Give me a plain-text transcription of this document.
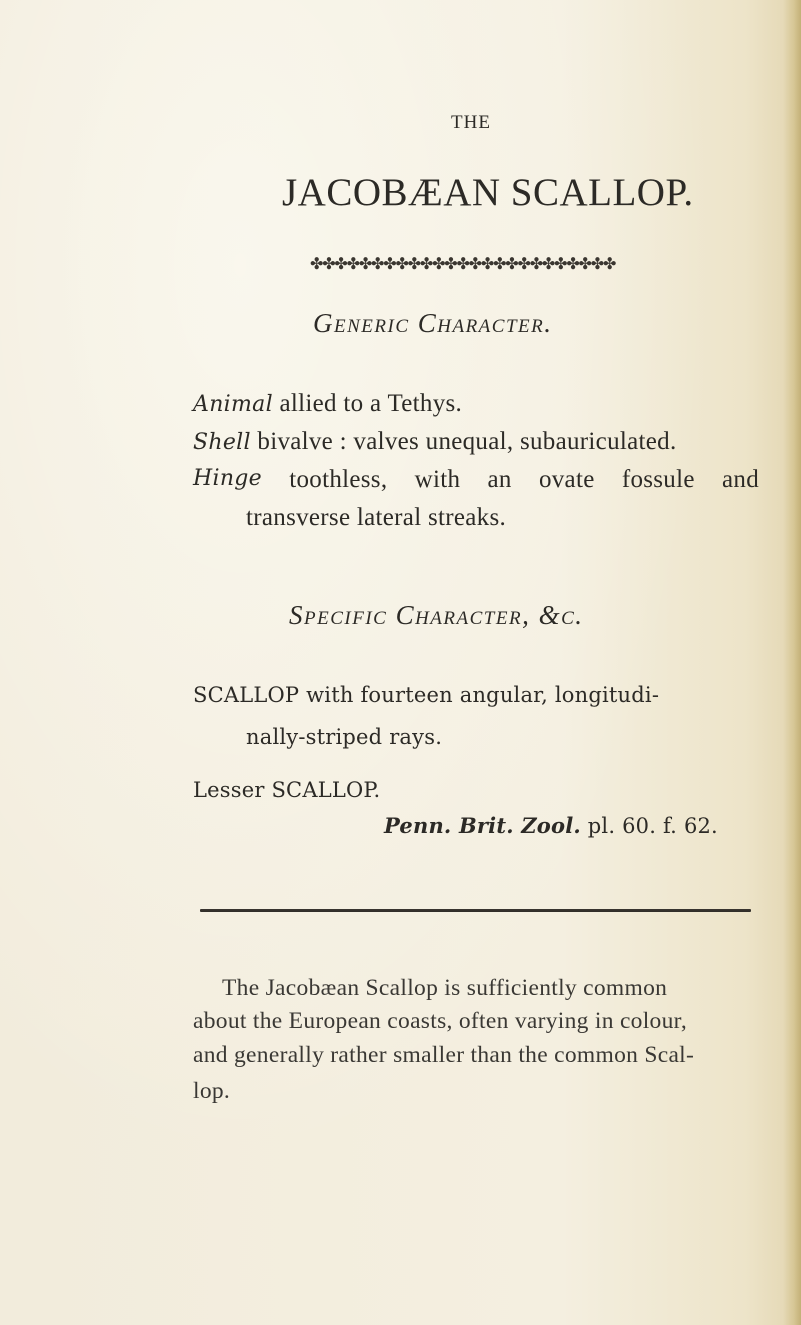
THE
JACOBÆAN SCALLOP.
✤✤✤✤✤✤✤✤✤✤✤✤✤✤✤✤✤✤✤✤✤✤✤✤✤
Generic Character.
Animal allied to a Tethys.
Shell bivalve : valves unequal, subauriculated.
Hinge toothless, with an ovate fossule and
transverse lateral streaks.
Specific Character, &c.
SCALLOP with fourteen angular, longitudi-
nally-striped rays.
Lesser SCALLOP.
Penn. Brit. Zool. pl. 60. f. 62.
The Jacobæan Scallop is sufficiently common
about the European coasts, often varying in colour,
and generally rather smaller than the common Scal-
lop.
